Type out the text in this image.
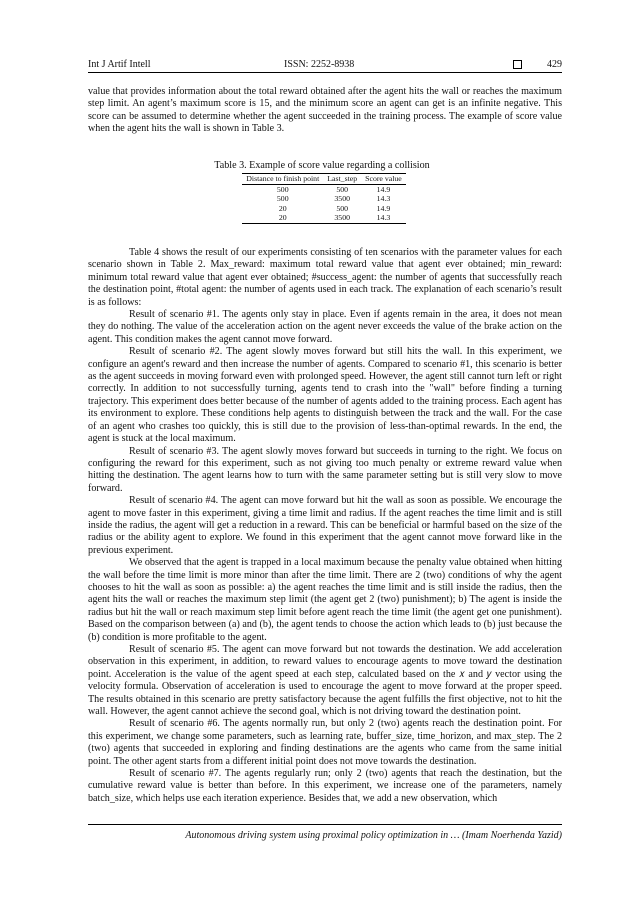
Int J Artif Intell	ISSN: 2252-8938	429

value that provides information about the total reward obtained after the agent hits the wall or reaches the maximum step limit. An agent’s maximum score is 15, and the minimum score an agent can get is an infinite negative. This score can be assumed to determine whether the agent succeeded in the training process. The example of score value when the agent hits the wall is shown in Table 3.

Table 3. Example of score value regarding a collision
Distance to finish point	Last_step	Score value
500	500	14.9
500	3500	14.3
20	500	14.9
20	3500	14.3

Table 4 shows the result of our experiments consisting of ten scenarios with the parameter values for each scenario shown in Table 2. Max_reward: maximum total reward value that agent ever obtained; min_reward: minimum total reward value that agent ever obtained; #success_agent: the number of agents that successfully reach the destination point, #total agent: the number of agents used in each track. The explanation of each scenario’s result is as follows:

Result of scenario #1. The agents only stay in place. Even if agents remain in the area, it does not mean they do nothing. The value of the acceleration action on the agent never exceeds the value of the brake action on the agent. This condition makes the agent cannot move forward.

Result of scenario #2. The agent slowly moves forward but still hits the wall. In this experiment, we configure an agent's reward and then increase the number of agents. Compared to scenario #1, this scenario is better as the agent succeeds in moving forward even with prolonged speed. However, the agent still cannot turn left or right correctly. In addition to not successfully turning, agents tend to crash into the "wall" before finding a turning trajectory. This experiment does better because of the number of agents added to the training process. Each agent has its environment to explore. These conditions help agents to distinguish between the track and the wall. For the case of an agent who crashes too quickly, this is still due to the provision of less-than-optimal rewards. In the end, the agent is stuck at the local maximum.

Result of scenario #3. The agent slowly moves forward but succeeds in turning to the right. We focus on configuring the reward for this experiment, such as not giving too much penalty or extreme reward value when hitting the destination. The agent learns how to turn with the same parameter setting but is still very slow to move forward.

Result of scenario #4. The agent can move forward but hit the wall as soon as possible. We encourage the agent to move faster in this experiment, giving a time limit and radius. If the agent reaches the time limit and is still inside the radius, the agent will get a reduction in a reward. This can be beneficial or harmful based on the size of the radius or the ability agent to explore. We found in this experiment that the agent cannot move forward like in the previous experiment.

We observed that the agent is trapped in a local maximum because the penalty value obtained when hitting the wall before the time limit is more minor than after the time limit. There are 2 (two) conditions of why the agent chooses to hit the wall as soon as possible: a) the agent reaches the time limit and is still inside the radius, then the agent hits the wall or reaches the maximum step limit (the agent get 2 (two) punishment); b) The agent is inside the radius but hit the wall or reach maximum step limit before agent reach the time limit (the agent get one punishment). Based on the comparison between (a) and (b), the agent tends to choose the action which leads to (b) just because the (b) condition is more profitable to the agent.

Result of scenario #5. The agent can move forward but not towards the destination. We add acceleration observation in this experiment, in addition, to reward values to encourage agents to move toward the destination point. Acceleration is the value of the agent speed at each step, calculated based on the 𝑥 and 𝑦 vector using the velocity formula. Observation of acceleration is used to encourage the agent to move forward at the proper speed. The results obtained in this scenario are pretty satisfactory because the agent fulfills the first objective, not to hit the wall. However, the agent cannot achieve the second goal, which is not driving toward the destination point.

Result of scenario #6. The agents normally run, but only 2 (two) agents reach the destination point. For this experiment, we change some parameters, such as learning rate, buffer_size, time_horizon, and max_step. The 2 (two) agents that succeeded in exploring and finding destinations are the agents who came from the same initial point. The other agent starts from a different initial point does not move towards the destination.

Result of scenario #7. The agents regularly run; only 2 (two) agents that reach the destination, but the cumulative reward value is better than before. In this experiment, we increase one of the parameters, namely batch_size, which helps use each iteration experience. Besides that, we add a new observation, which

Autonomous driving system using proximal policy optimization in … (Imam Noerhenda Yazid)
